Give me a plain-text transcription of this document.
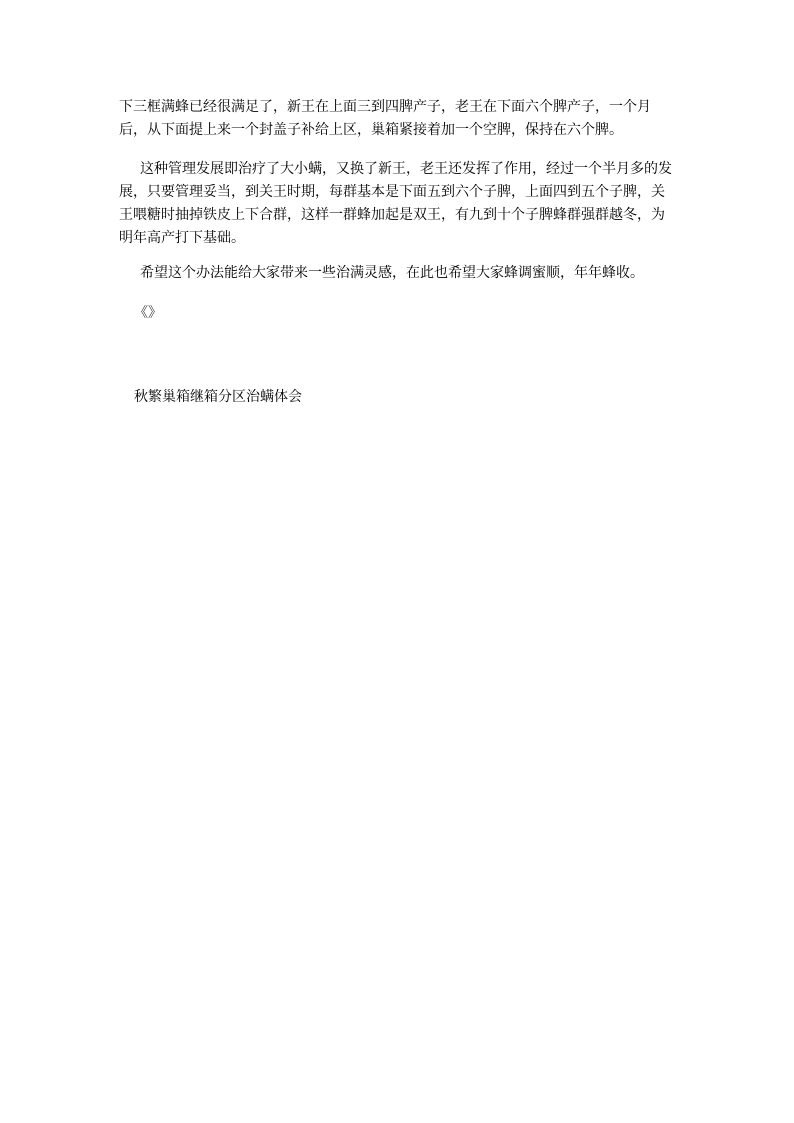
下三框满蜂已经很满足了，新王在上面三到四脾产子，老王在下面六个脾产子，一个月后，从下面提上来一个封盖子补给上区，巢箱紧接着加一个空脾，保持在六个脾。

这种管理发展即治疗了大小螨，又换了新王，老王还发挥了作用，经过一个半月多的发展，只要管理妥当，到关王时期，每群基本是下面五到六个子脾，上面四到五个子脾，关王喂糖时抽掉铁皮上下合群，这样一群蜂加起是双王，有九到十个子脾蜂群强群越冬，为明年高产打下基础。

希望这个办法能给大家带来一些治满灵感，在此也希望大家蜂调蜜顺，年年蜂收。

《》

秋繁巢箱继箱分区治螨体会
